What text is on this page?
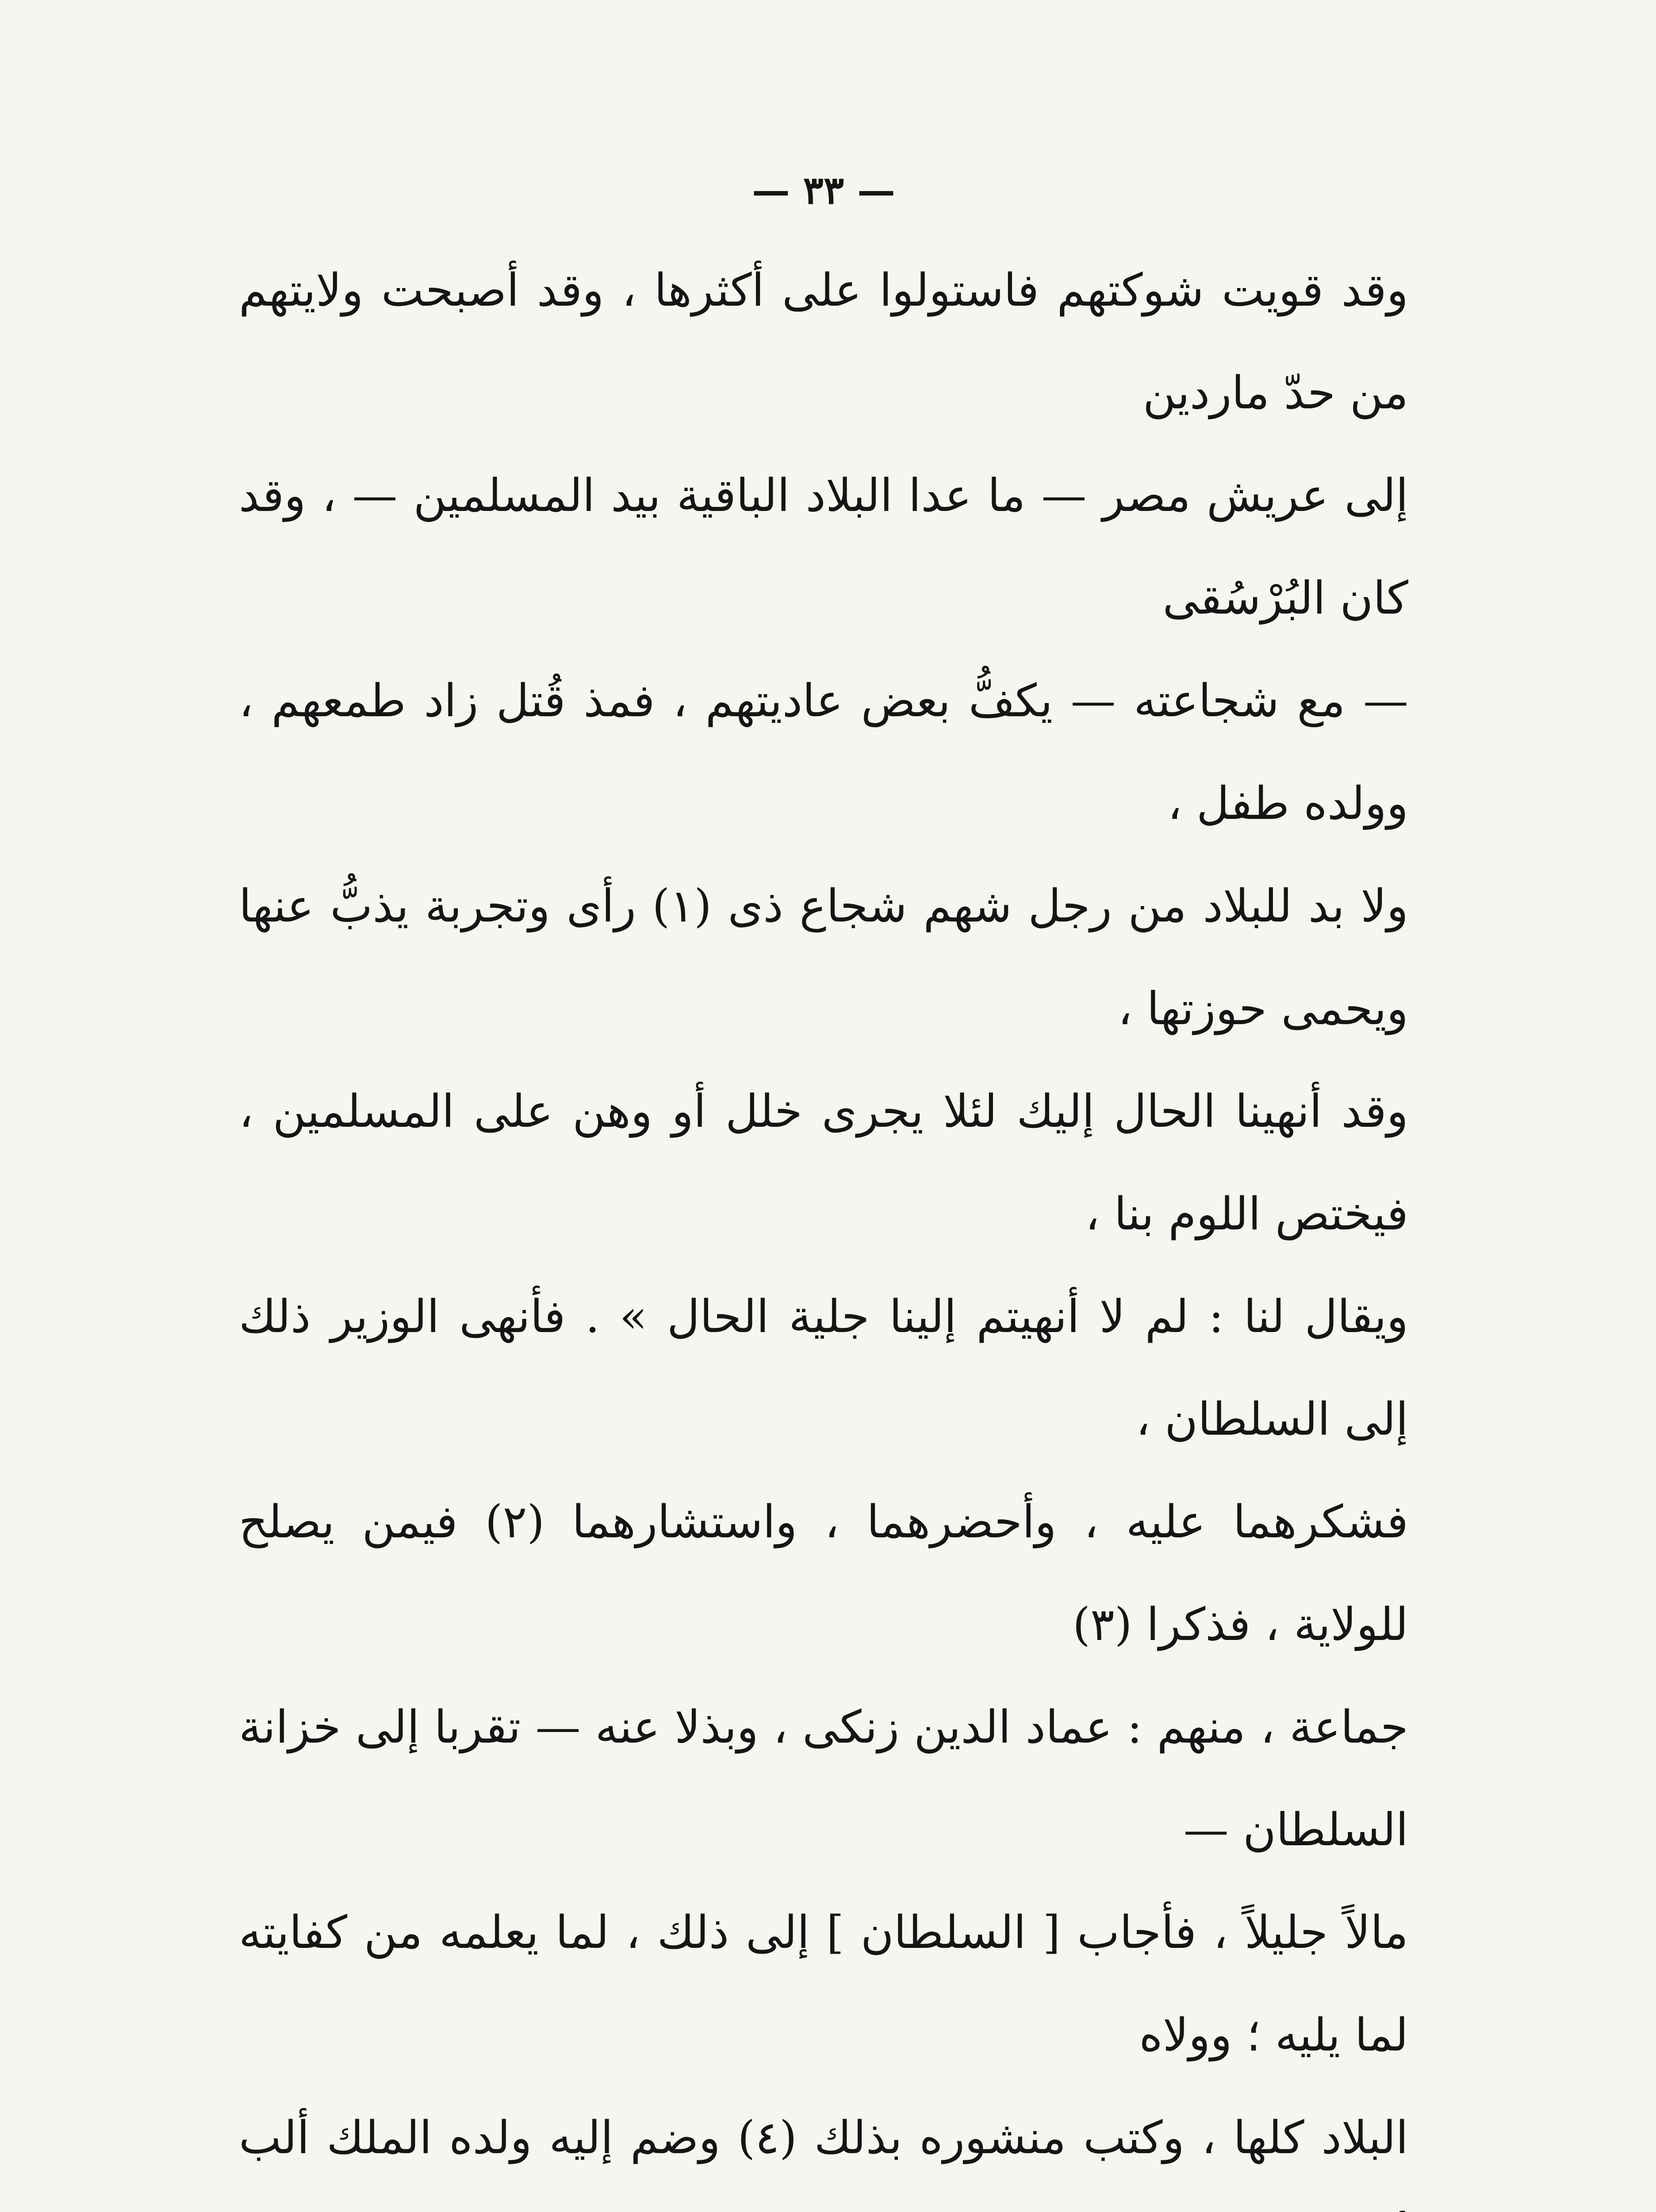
— ٣٣ —

وقد قويت شوكتهم فاستولوا على أكثرها ، وقد أصبحت ولايتهم من حدّ ماردين

إلى عريش مصر — ما عدا البلاد الباقية بيد المسلمين — ، وقد كان البُرْسُقى

— مع شجاعته — يكفُّ بعض عاديتهم ، فمذ قُتل زاد طمعهم ، وولده طفل ،

ولا بد للبلاد من رجل شهم شجاع ذى (١) رأى وتجربة يذبُّ عنها ويحمى حوزتها ،

وقد أنهينا الحال إليك لئلا يجرى خلل أو وهن على المسلمين ، فيختص اللوم بنا ،

ويقال لنا : لم لا أنهيتم إلينا جلية الحال » . فأنهى الوزير ذلك إلى السلطان ،

فشكرهما عليه ، وأحضرهما ، واستشارهما (٢) فيمن يصلح للولاية ، فذكرا (٣)

جماعة ، منهم : عماد الدين زنكى ، وبذلا عنه — تقربا إلى خزانة السلطان —

مالاً جليلاً ، فأجاب [ السلطان ] إلى ذلك ، لما يعلمه من كفايته لما يليه ؛ وولاه

البلاد كلها ، وكتب منشوره بذلك (٤) وضم إليه ولده الملك ألب
